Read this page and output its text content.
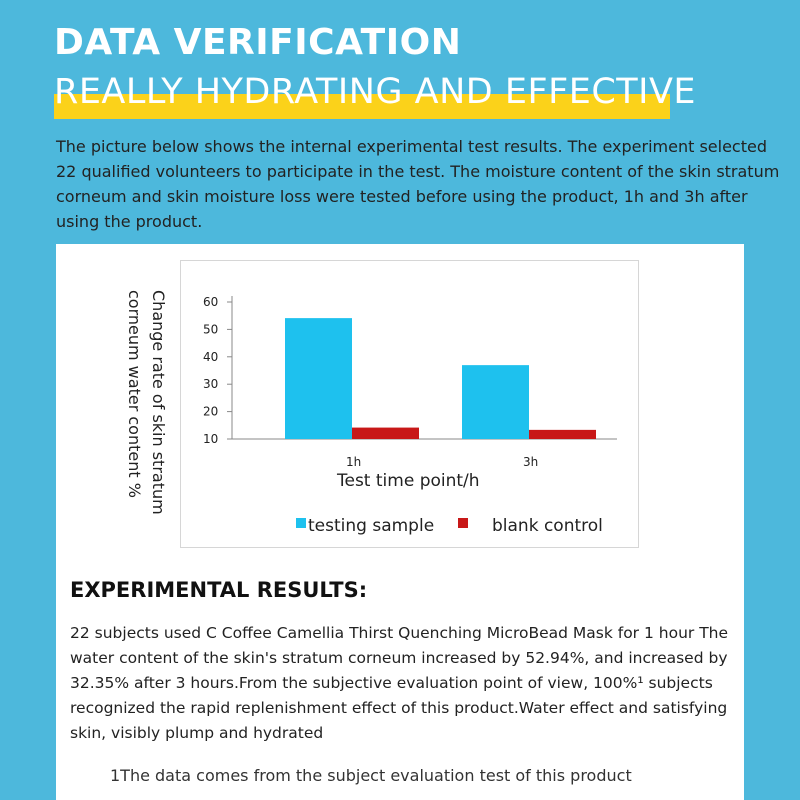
DATA VERIFICATION
REALLY HYDRATING AND EFFECTIVE

The picture below shows the internal experimental test results. The experiment selected 22 qualified volunteers to participate in the test. The moisture content of the skin stratum corneum and skin moisture loss were tested before using the product, 1h and 3h after using the product.

Change rate of skin stratum corneum water content %	10
20
30
40
50
60
1h	3h
Test time point/h
testing sample	blank control
EXPERIMENTAL RESULTS:

22 subjects used C Coffee Camellia Thirst Quenching MicroBead Mask for 1 hour The water content of the skin's stratum corneum increased by 52.94%, and increased by 32.35% after 3 hours.From the subjective evaluation point of view, 100%¹ subjects recognized the rapid replenishment effect of this product.Water effect and satisfying skin, visibly plump and hydrated

1The data comes from the subject evaluation test of this product
